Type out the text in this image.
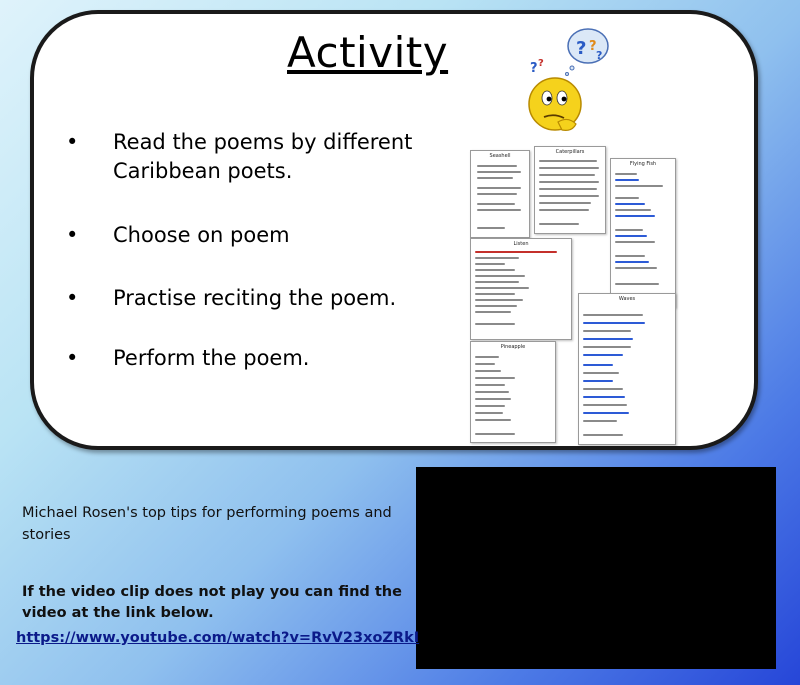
Activity	? ?
?
? ?
•	Read the poems by different Caribbean poets.
•	Choose on poem
•	Practise reciting the poem.
•	Perform the poem.
Seashell
Caterpillars
Flying Fish
Listen
Waves
Pineapple
Michael Rosen's top tips for performing poems and stories
If the video clip does not play you can find the video at the link below.
https://www.youtube.com/watch?v=RvV23xoZRkI
